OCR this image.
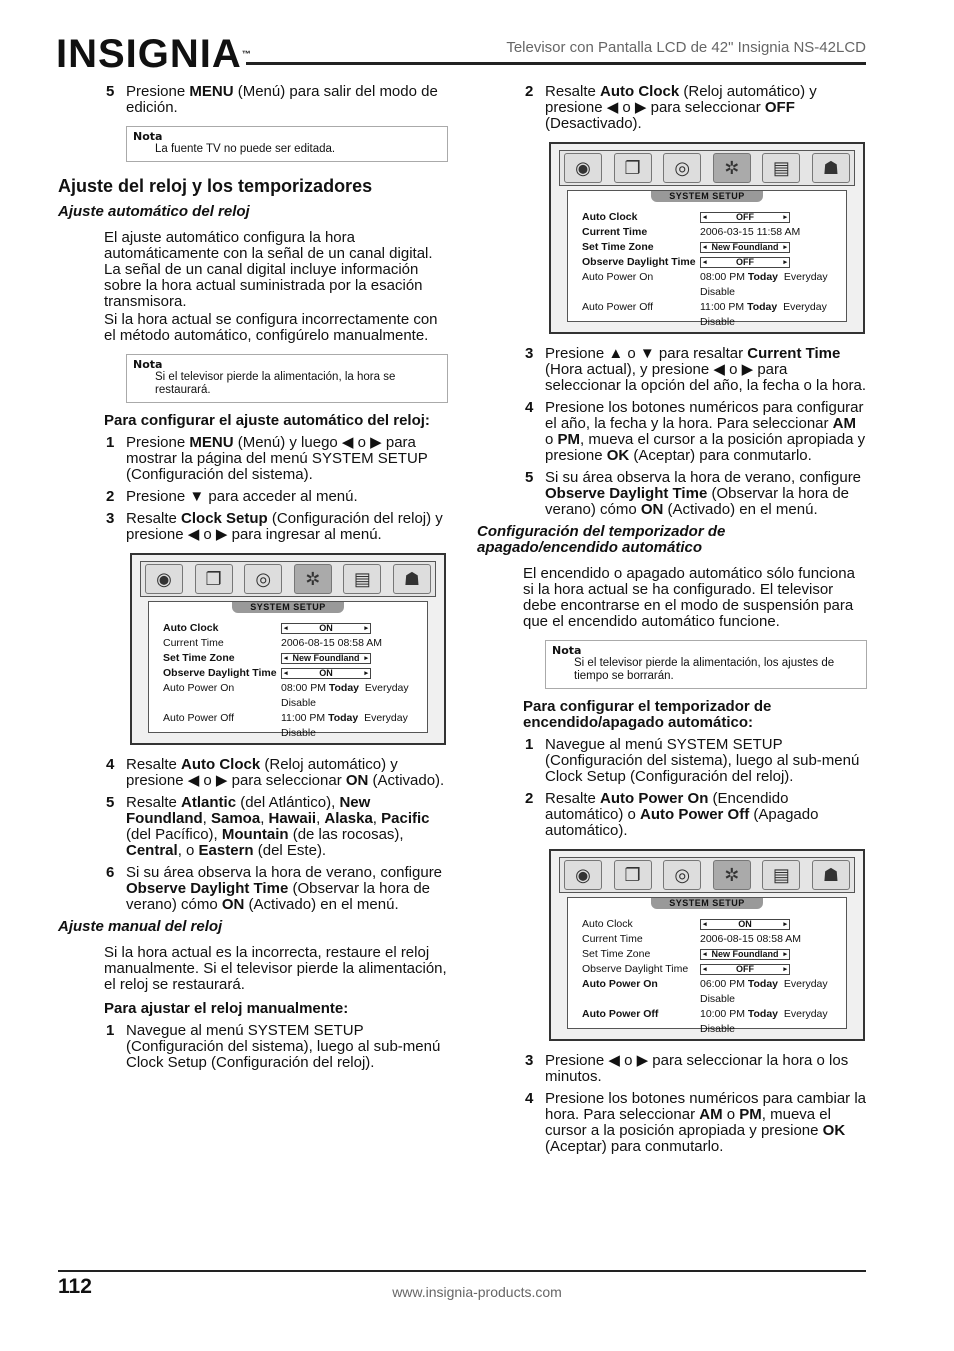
INSIGNIA™	Televisor con Pantalla LCD de 42" Insignia NS-42LCD
5 Presione MENU (Menú) para salir del modo de edición.
Nota
La fuente TV no puede ser editada.
Ajuste del reloj y los temporizadores
Ajuste automático del reloj
El ajuste automático configura la hora automáticamente con la señal de un canal digital. La señal de un canal digital incluye información sobre la hora actual suministrada por la esación transmisora.
Si la hora actual se configura incorrectamente con el método automático, configúrelo manualmente.
Nota
Si el televisor pierde la alimentación, la hora se restaurará.
Para configurar el ajuste automático del reloj:
1 Presione MENU (Menú) y luego ◀ o ▶ para mostrar la página del menú SYSTEM SETUP (Configuración del sistema).
2 Presione ▼ para acceder al menú.
3 Resalte Clock Setup (Configuración del reloj) y presione ◀ o ▶ para ingresar al menú.
◉	❐	◎	✲	▤	☗
SYSTEM SETUP
Auto Clock	◂	ON	▸
Current Time	2006-08-15 08:58 AM
Set Time Zone	◂ New Foundland ▸
Observe Daylight Time	◂	ON	▸
Auto Power On	08:00 PM Today Everyday  Disable
Auto Power Off	11:00 PM Today Everyday  Disable
4 Resalte Auto Clock (Reloj automático) y presione ◀ o ▶ para seleccionar ON (Activado).
5 Resalte Atlantic (del Atlántico), New Foundland, Samoa, Hawaii, Alaska, Pacific (del Pacífico), Mountain (de las rocosas), Central, o Eastern (del Este).
6 Si su área observa la hora de verano, configure Observe Daylight Time (Observar la hora de verano) cómo ON (Activado) en el menú.
Ajuste manual del reloj
Si la hora actual es la incorrecta, restaure el reloj manualmente. Si el televisor pierde la alimentación, el reloj se restaurará.
Para ajustar el reloj manualmente:
1 Navegue al menú SYSTEM SETUP (Configuración del sistema), luego al sub-menú Clock Setup (Configuración del reloj).
2 Resalte Auto Clock (Reloj automático) y presione ◀ o ▶ para seleccionar OFF (Desactivado).
◉	❐	◎	✲	▤	☗
SYSTEM SETUP
Auto Clock	◂	OFF	▸
Current Time	2006-03-15 11:58 AM
Set Time Zone	◂ New Foundland ▸
Observe Daylight Time	◂	OFF	▸
Auto Power On	08:00 PM Today Everyday  Disable
Auto Power Off	11:00 PM Today Everyday  Disable
3 Presione ▲ o ▼ para resaltar Current Time (Hora actual), y presione ◀ o ▶ para seleccionar la opción del año, la fecha o la hora.
4 Presione los botones numéricos para configurar el año, la fecha y la hora. Para seleccionar AM o PM, mueva el cursor a la posición apropiada y presione OK (Aceptar) para conmutarlo.
5 Si su área observa la hora de verano, configure Observe Daylight Time (Observar la hora de verano) cómo ON (Activado) en el menú.
Configuración del temporizador de apagado/encendido automático
El encendido o apagado automático sólo funciona si la hora actual se ha configurado. El televisor debe encontrarse en el modo de suspensión para que el encendido automático funcione.
Nota
Si el televisor pierde la alimentación, los ajustes de tiempo se borrarán.
Para configurar el temporizador de encendido/apagado automático:
1 Navegue al menú SYSTEM SETUP (Configuración del sistema), luego al sub-menú Clock Setup (Configuración del reloj).
2 Resalte Auto Power On (Encendido automático) o Auto Power Off (Apagado automático).
◉	❐	◎	✲	▤	☗
SYSTEM SETUP
Auto Clock	◂	ON	▸
Current Time	2006-08-15 08:58 AM
Set Time Zone	◂ New Foundland ▸
Observe Daylight Time	◂	OFF	▸
Auto Power On	06:00 PM Today Everyday  Disable
Auto Power Off	10:00 PM Today Everyday  Disable
3 Presione ◀ o ▶ para seleccionar la hora o los minutos.
4 Presione los botones numéricos para cambiar la hora. Para seleccionar AM o PM, mueva el cursor a la posición apropiada y presione OK (Aceptar) para conmutarlo.
112	www.insignia-products.com
